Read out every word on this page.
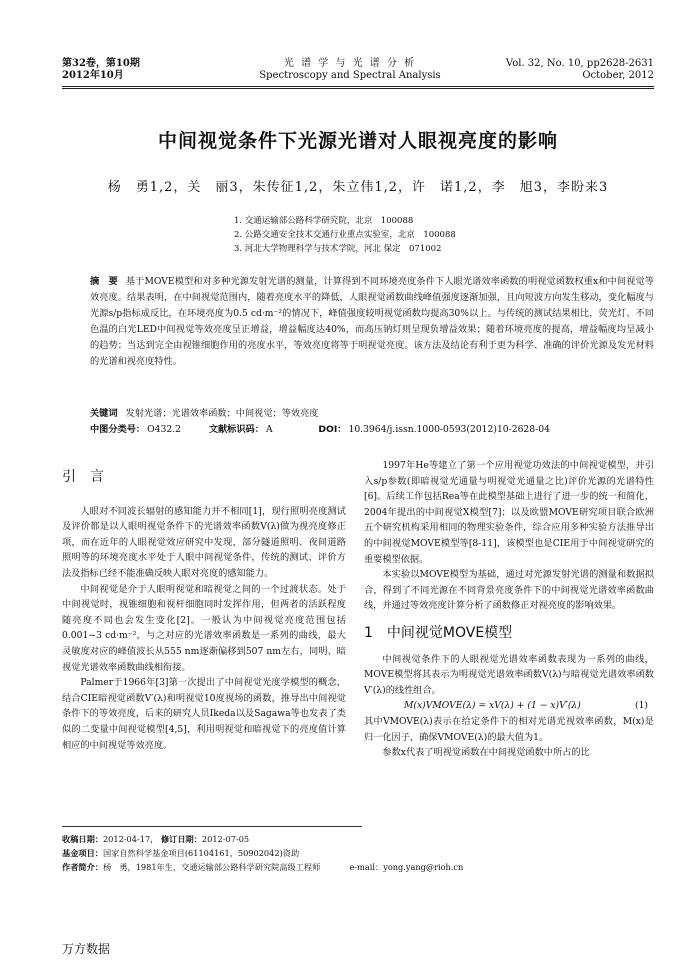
第32卷，第10期
2012年10月
光 谱 学 与 光 谱 分 析
Spectroscopy and Spectral Analysis
Vol. 32, No. 10, pp2628-2631
October, 2012
中间视觉条件下光源光谱对人眼视亮度的影响
杨　勇1,2，关　丽3，朱传征1,2，朱立伟1,2，许　诺1,2，李　旭3，李盼来3
1. 交通运输部公路科学研究院，北京　100088
2. 公路交通安全技术交通行业重点实验室，北京　100088
3. 河北大学物理科学与技术学院，河北 保定　071002
摘　要 基于MOVE模型和对多种光源发射光谱的测量，计算得到不同环境亮度条件下人眼光谱效率函数的明视觉函数权重x和中间视觉等效亮度。结果表明，在中间视觉范围内，随着亮度水平的降低，人眼视觉函数曲线峰值强度逐渐加强，且向短波方向发生移动，变化幅度与光源s/p指标成反比，在环境亮度为0.5 cd·m⁻²的情况下，峰值强度较明视觉函数均提高30%以上。与传统的测试结果相比，荧光灯、不同色温的白光LED中间视觉等效亮度呈正增益，增益幅度达40%，而高压钠灯则呈现负增益效果；随着环境亮度的提高，增益幅度均呈减小的趋势；当达到完全由视锥细胞作用的亮度水平，等效亮度将等于明视觉亮度。该方法及结论有利于更为科学、准确的评价光源及发光材料的光谱和视亮度特性。
关键词 发射光谱；光谱效率函数；中间视觉；等效亮度
中图分类号： O432.2	文献标识码： A	DOI： 10.3964/j.issn.1000-0593(2012)10-2628-04
引　言

人眼对不同波长辐射的感知能力并不相同[1]，现行照明亮度测试及评价都是以人眼明视觉条件下的光谱效率函数V(λ)做为视亮度修正项，而在近年的人眼视觉效应研究中发现，部分隧道照明、夜间道路照明等的环境亮度水平处于人眼中间视觉条件，传统的测试、评价方法及指标已经不能准确反映人眼对亮度的感知能力。

中间视觉是介于人眼明视觉和暗视觉之间的一个过渡状态。处于中间视觉时，视锥细胞和视杆细胞同时发挥作用，但两者的活跃程度随亮度不同也会发生变化[2]。一般认为中间视觉亮度范围包括0.001~3 cd·m⁻²，与之对应的光谱效率函数是一系列的曲线，最大灵敏度对应的峰值波长从555 nm逐渐偏移到507 nm左右，同明、暗视觉光谱效率函数曲线相衔接。

Palmer于1966年[3]第一次提出了中间视觉光度学模型的概念，结合CIE暗视觉函数V′(λ)和明视觉10度视场的函数，推导出中间视觉条件下的等效亮度，后来的研究人员Ikeda以及Sagawa等也发表了类似的二变量中间视觉模型[4,5]，利用明视觉和暗视觉下的亮度值计算相应的中间视觉等效亮度。

1997年He等建立了第一个应用视觉功效法的中间视觉模型，并引入s/p参数(即暗视觉光通量与明视觉光通量之比)评价光源的光谱特性[6]。后续工作包括Rea等在此模型基础上进行了进一步的统一和简化，2004年提出的中间视觉X模型[7]；以及欧盟MOVE研究项目联合欧洲五个研究机构采用相同的物理实验条件，综合应用多种实验方法推导出的中间视觉MOVE模型等[8-11]，该模型也是CIE用于中间视觉研究的重要模型依据。

本实验以MOVE模型为基础，通过对光源发射光谱的测量和数据拟合，得到了不同光源在不同背景亮度条件下的中间视觉光谱效率函数曲线，并通过等效亮度计算分析了函数修正对视亮度的影响效果。

1　中间视觉MOVE模型

中间视觉条件下的人眼视觉光谱效率函数表现为一系列的曲线，MOVE模型将其表示为明视觉光谱效率函数V(λ)与暗视觉光谱效率函数V′(λ)的线性组合。

M(x)VMOVE(λ) = xV(λ) + (1 − x)V′(λ)	(1)

其中VMOVE(λ)表示在给定条件下的相对光谱光视效率函数，M(x)是归一化因子，确保VMOVE(λ)的最大值为1。

参数x代表了明视觉函数在中间视觉函数中所占的比

收稿日期：2012-04-17， 修订日期：2012-07-05
基金项目：国家自然科学基金项目(61104161，50902042)资助
作者简介：杨　勇，1981年生，交通运输部公路科学研究院高级工程师	e-mail：yong.yang@rioh.cn
万方数据
